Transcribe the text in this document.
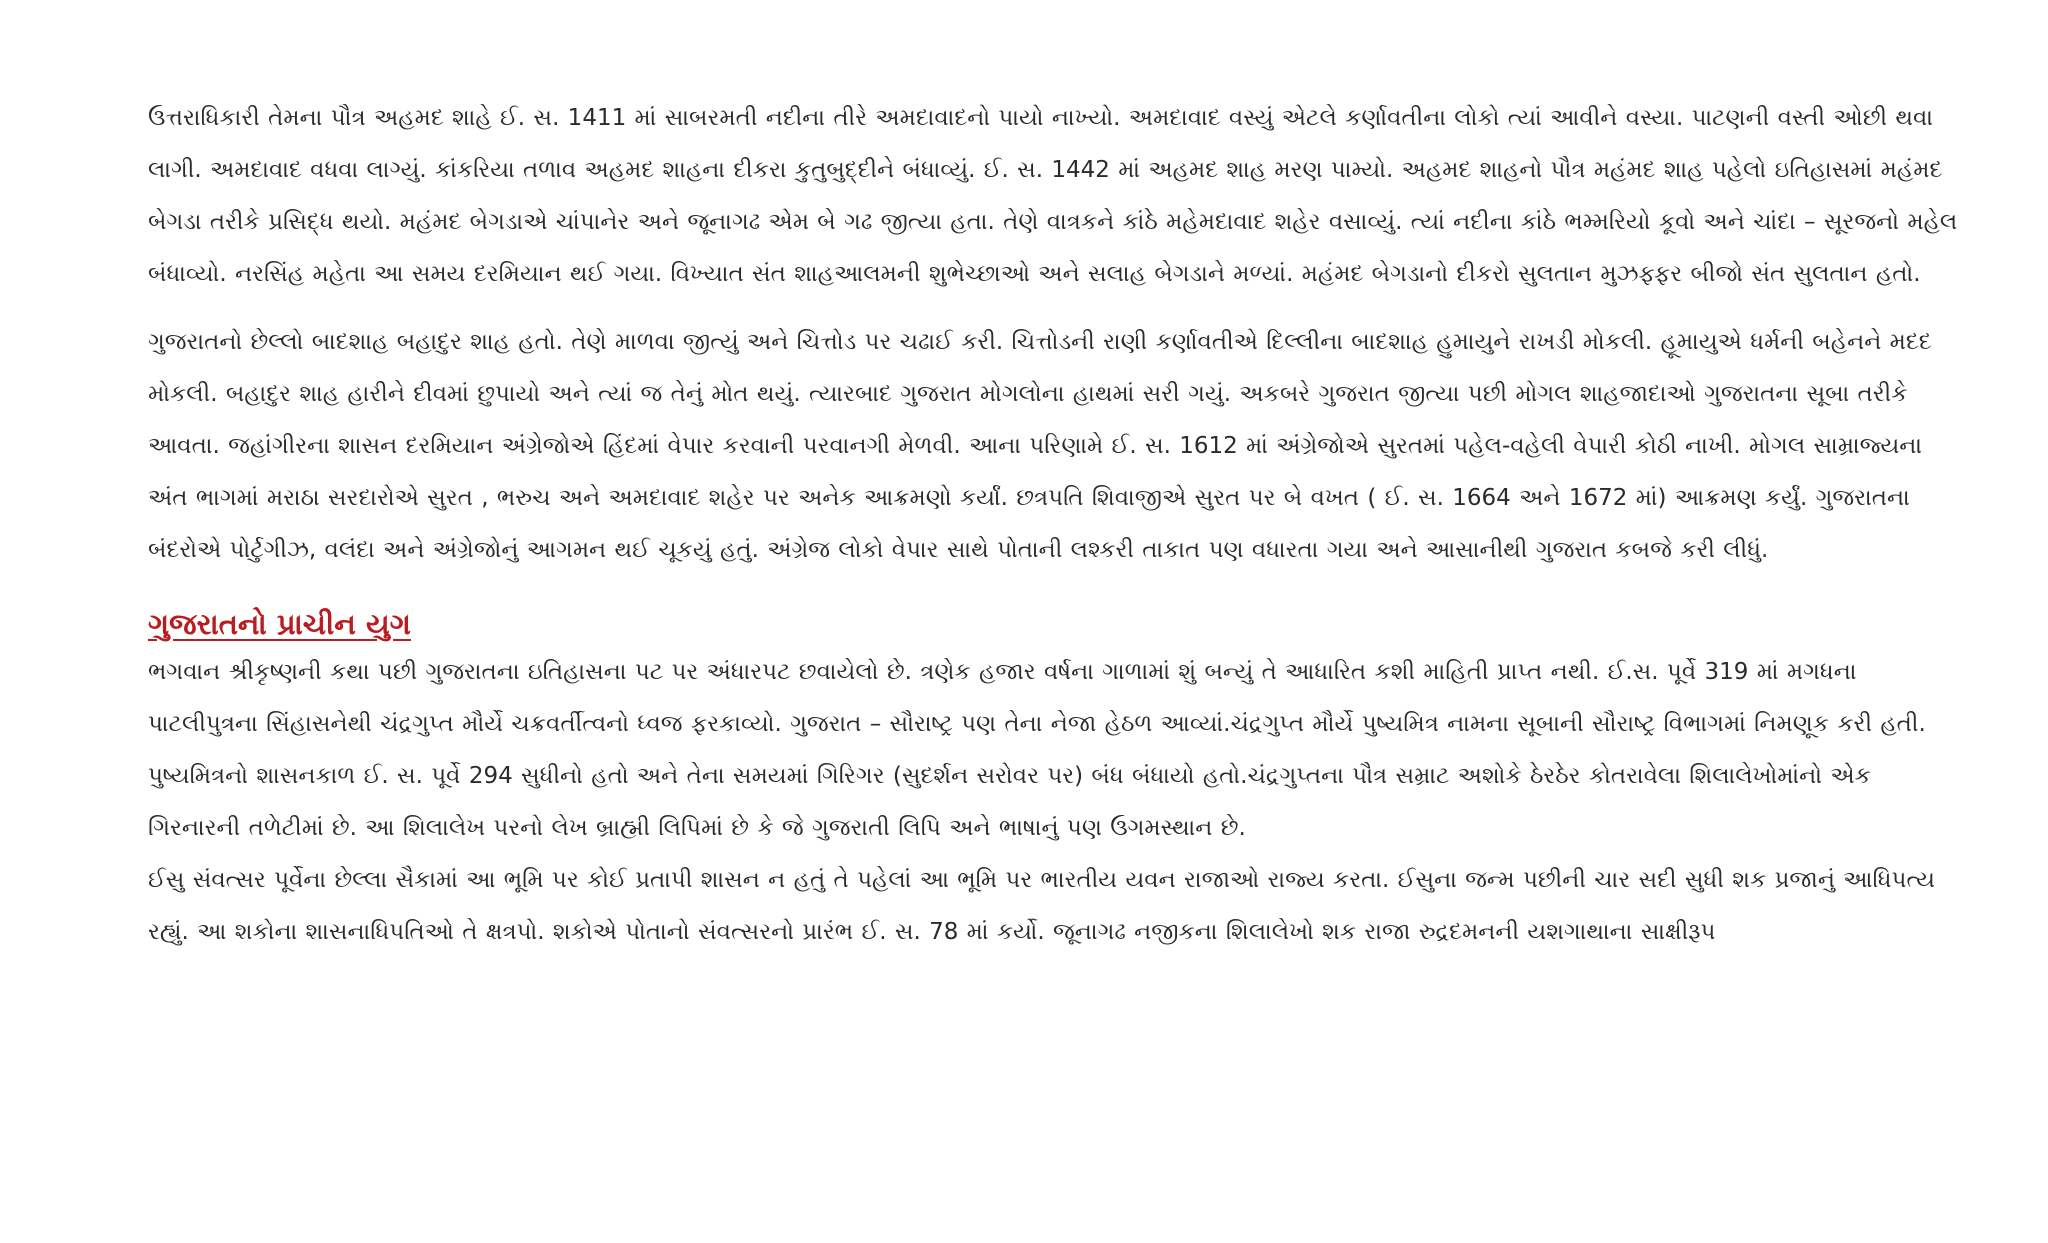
ઉત્તરાધિકારી તેમના પૌત્ર અહમદ શાહે ઈ. સ. 1411 માં સાબરમતી નદીના તીરે અમદાવાદનો પાયો નાખ્યો. અમદાવાદ વસ્યું એટલે કર્ણાવતીના લોકો ત્યાં આવીને વસ્યા. પાટણની વસ્તી ઓછી થવા લાગી. અમદાવાદ વધવા લાગ્યું. કાંકરિયા તળાવ અહમદ શાહના દીકરા કુતુબુદ્દીને બંધાવ્યું. ઈ. સ. 1442 માં અહમદ શાહ મરણ પામ્યો. અહમદ શાહનો પૌત્ર મહંમદ શાહ પહેલો ઇતિહાસમાં મહંમદ બેગડા તરીકે પ્રસિદ્ધ થયો. મહંમદ બેગડાએ ચાંપાનેર અને જૂનાગઢ એમ બે ગઢ જીત્યા હતા. તેણે વાત્રકને કાંઠે મહેમદાવાદ શહેર વસાવ્યું. ત્યાં નદીના કાંઠે ભમ્મરિયો કૂવો અને ચાંદા – સૂરજનો મહેલ બંધાવ્યો. નરસિંહ મહેતા આ સમય દરમિયાન થઈ ગયા. વિખ્યાત સંત શાહઆલમની શુભેચ્છાઓ અને સલાહ બેગડાને મળ્યાં. મહંમદ બેગડાનો દીકરો સુલતાન મુઝફ્ફર બીજો સંત સુલતાન હતો.

ગુજરાતનો છેલ્લો બાદશાહ બહાદુર શાહ હતો. તેણે માળવા જીત્યું અને ચિત્તોડ પર ચઢાઈ કરી. ચિત્તોડની રાણી કર્ણાવતીએ દિલ્લીના બાદશાહ હુમાયુને રાખડી મોકલી. હૂમાયુએ ધર્મની બહેનને મદદ મોકલી. બહાદુર શાહ હારીને દીવમાં છુપાયો અને ત્યાં જ તેનું મોત થયું. ત્યારબાદ ગુજરાત મોગલોના હાથમાં સરી ગયું. અકબરે ગુજરાત જીત્યા પછી મોગલ શાહજાદાઓ ગુજરાતના સૂબા તરીકે આવતા. જહાંગીરના શાસન દરમિયાન અંગ્રેજોએ હિંદમાં વેપાર કરવાની પરવાનગી મેળવી. આના પરિણામે ઈ. સ. 1612 માં અંગ્રેજોએ સુરતમાં પહેલ-વહેલી વેપારી કોઠી નાખી. મોગલ સામ્રાજ્યના અંત ભાગમાં મરાઠા સરદારોએ સુરત , ભરુચ અને અમદાવાદ શહેર પર અનેક આક્રમણો કર્યાં. છત્રપતિ શિવાજીએ સુરત પર બે વખત ( ઈ. સ. 1664 અને 1672 માં) આક્રમણ કર્યું. ગુજરાતના બંદરોએ પોર્ટુગીઝ, વલંદા અને અંગ્રેજોનું આગમન થઈ ચૂકયું હતું. અંગ્રેજ લોકો વેપાર સાથે પોતાની લશ્કરી તાકાત પણ વધારતા ગયા અને આસાનીથી ગુજરાત કબજે કરી લીધું.

ગુજરાતનો પ્રાચીન યુગ

ભગવાન શ્રીકૃષ્ણની કથા પછી ગુજરાતના ઇતિહાસના પટ પર અંધારપટ છવાયેલો છે. ત્રણેક હજાર વર્ષના ગાળામાં શું બન્યું તે આધારિત કશી માહિતી પ્રાપ્ત નથી. ઈ.સ. પૂર્વે 319 માં મગધના પાટલીપુત્રના સિંહાસનેથી ચંદ્રગુપ્ત મૌર્યે ચક્રવર્તીત્વનો ધ્વજ ફરકાવ્યો. ગુજરાત – સૌરાષ્ટ્ર પણ તેના નેજા હેઠળ આવ્યાં.ચંદ્રગુપ્ત મૌર્યે પુષ્યમિત્ર નામના સૂબાની સૌરાષ્ટ્ર વિભાગમાં નિમણૂક કરી હતી. પુષ્યમિત્રનો શાસનકાળ ઈ. સ. પૂર્વે 294 સુધીનો હતો અને તેના સમયમાં ગિરિગર (સુદર્શન સરોવર પર) બંધ બંધાયો હતો.ચંદ્રગુપ્તના પૌત્ર સમ્રાટ અશોકે ઠેરઠેર કોતરાવેલા શિલાલેખોમાંનો એક ગિરનારની તળેટીમાં છે. આ શિલાલેખ પરનો લેખ બ્રાહ્મી લિપિમાં છે કે જે ગુજરાતી લિપિ અને ભાષાનું પણ ઉગમસ્થાન છે.

ઈસુ સંવત્સર પૂર્વેના છેલ્લા સૈકામાં આ ભૂમિ પર કોઈ પ્રતાપી શાસન ન હતું તે પહેલાં આ ભૂમિ પર ભારતીય યવન રાજાઓ રાજ્ય કરતા. ઈસુના જન્મ પછીની ચાર સદી સુધી શક પ્રજાનું આધિપત્ય રહ્યું. આ શકોના શાસનાધિપતિઓ તે ક્ષત્રપો. શકોએ પોતાનો સંવત્સરનો પ્રારંભ ઈ. સ. 78 માં કર્યો. જૂનાગઢ નજીકના શિલાલેખો શક રાજા રુદ્રદમનની યશગાથાના સાક્ષીરૂપ
